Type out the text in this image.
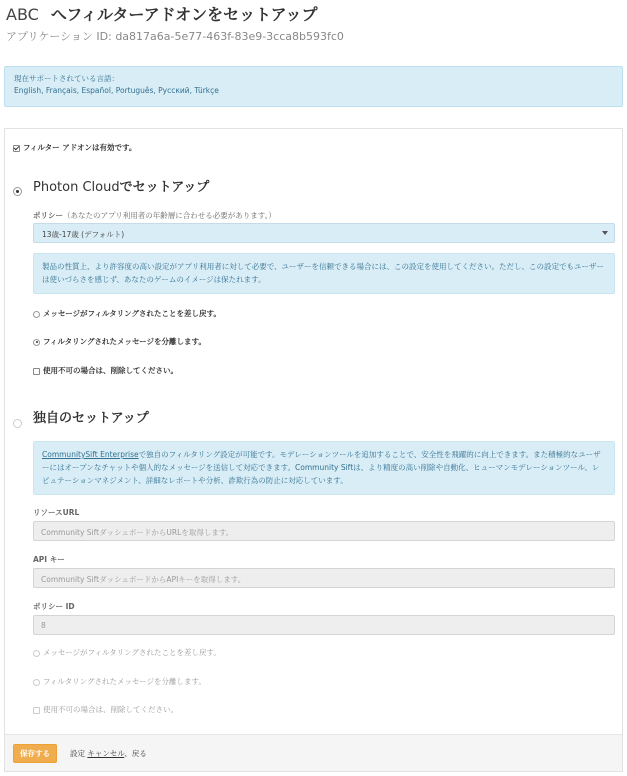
ABC へフィルターアドオンをセットアップ
アプリケーション ID: da817a6a-5e77-463f-83e9-3cca8b593fc0
現在サポートされている言語：
English, Français, Español, Português, Русский, Türkçe
フィルター アドオンは有効です。
Photon Cloudでセットアップ
ポリシー（あなたのアプリ利用者の年齢層に合わせる必要があります。）
13歳-17歳 (デフォルト)
製品の性質上、より許容度の高い設定がアプリ利用者に対して必要で、ユーザーを信頼できる場合には、この設定を使用してください。ただし、この設定でもユーザーは使いづらさを感じず、あなたのゲームのイメージは保たれます。
メッセージがフィルタリングされたことを差し戻す。
フィルタリングされたメッセージを分離します。
使用不可の場合は、削除してください。
独自のセットアップ
CommunitySift Enterpriseで独自のフィルタリング設定が可能です。モデレーションツールを追加することで、安全性を飛躍的に向上できます。また積極的なユーザーにはオープンなチャットや個人的なメッセージを送信して対応できます。Community Siftは、より精度の高い削除や自動化、ヒューマンモデレーションツール、レピュテーションマネジメント、詳細なレポートや分析、詐欺行為の防止に対応しています。
リソースURL
Community SiftダッシュボードからURLを取得します。
API キー
Community SiftダッシュボードからAPIキーを取得します。
ポリシー ID
8
メッセージがフィルタリングされたことを差し戻す。
フィルタリングされたメッセージを分離します。
使用不可の場合は、削除してください。
保存する	設定 キャンセル、戻る
